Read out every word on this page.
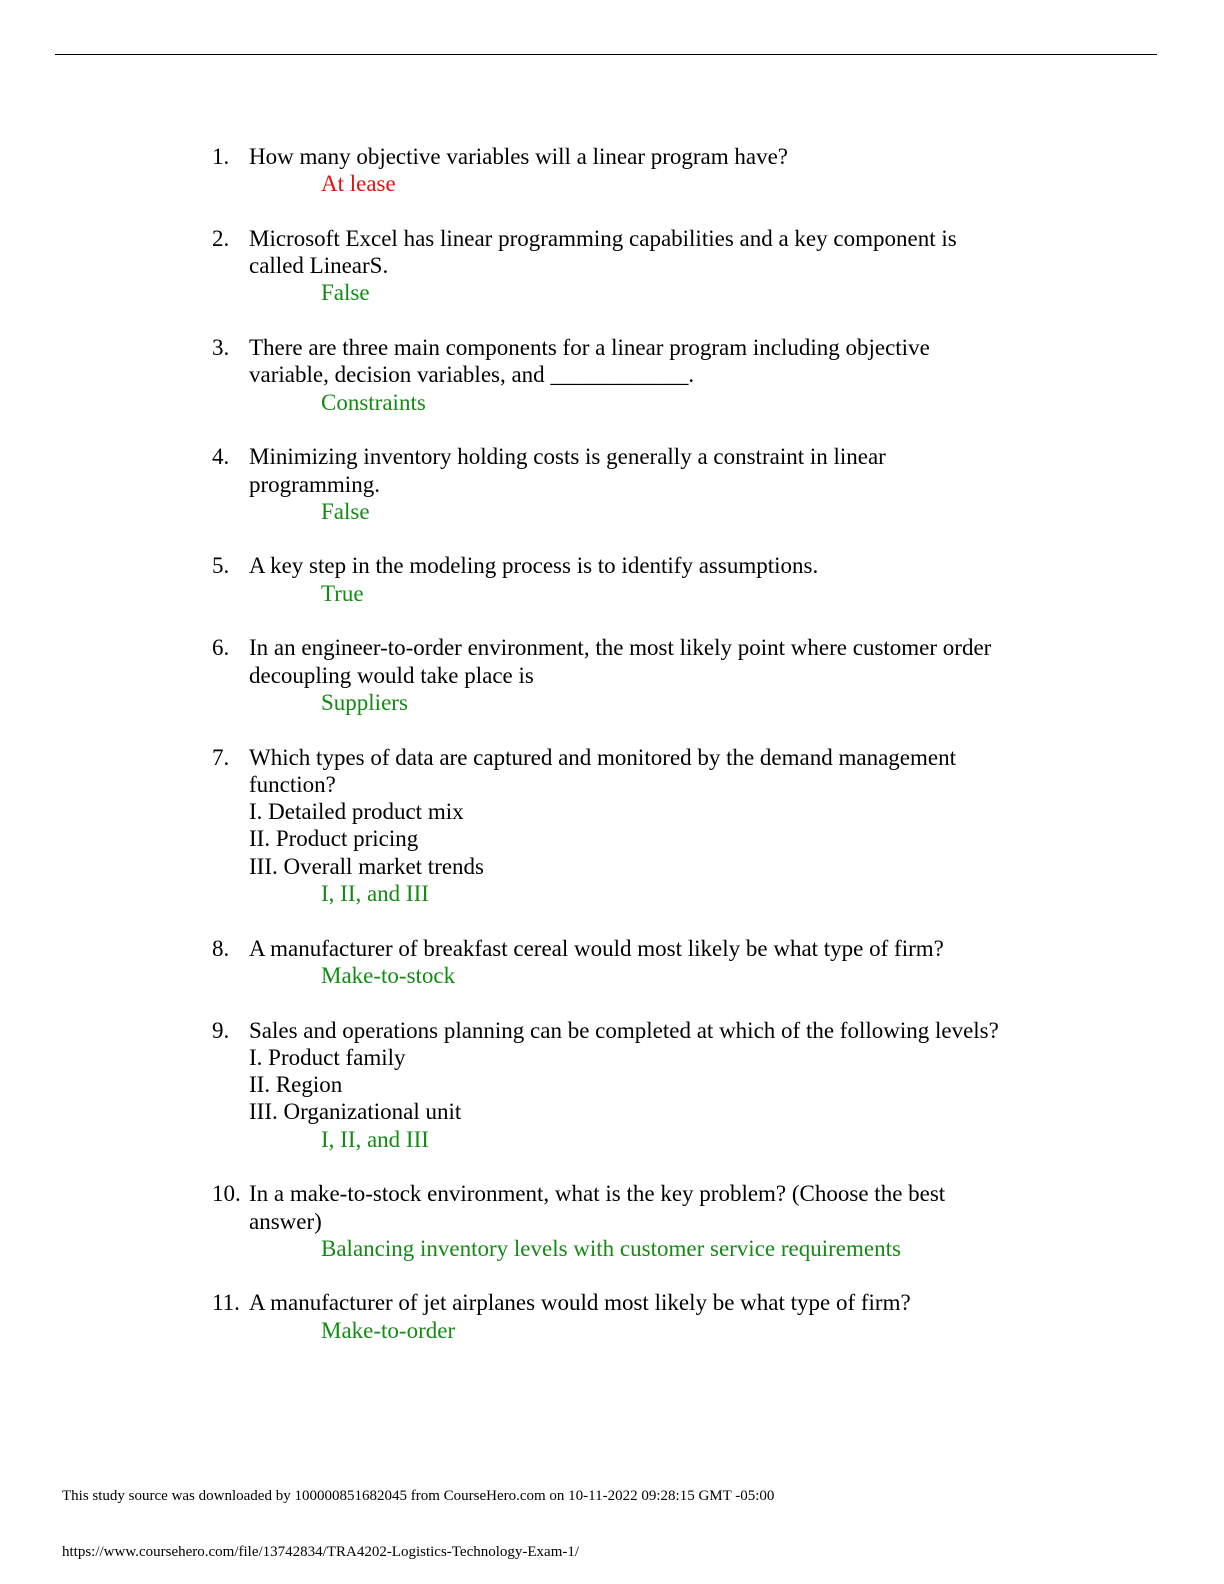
1. How many objective variables will a linear program have?
At lease
2. Microsoft Excel has linear programming capabilities and a key component is
called LinearS.
False
3. There are three main components for a linear program including objective
variable, decision variables, and ____________.
Constraints
4. Minimizing inventory holding costs is generally a constraint in linear
programming.
False
5. A key step in the modeling process is to identify assumptions.
True
6. In an engineer-to-order environment, the most likely point where customer order
decoupling would take place is
Suppliers
7. Which types of data are captured and monitored by the demand management
function?
I. Detailed product mix
II. Product pricing
III. Overall market trends
I, II, and III
8. A manufacturer of breakfast cereal would most likely be what type of firm?
Make-to-stock
9. Sales and operations planning can be completed at which of the following levels?
I. Product family
II. Region
III. Organizational unit
I, II, and III
10. In a make-to-stock environment, what is the key problem? (Choose the best
answer)
Balancing inventory levels with customer service requirements
11. A manufacturer of jet airplanes would most likely be what type of firm?
Make-to-order
This study source was downloaded by 100000851682045 from CourseHero.com on 10-11-2022 09:28:15 GMT -05:00
https://www.coursehero.com/file/13742834/TRA4202-Logistics-Technology-Exam-1/
